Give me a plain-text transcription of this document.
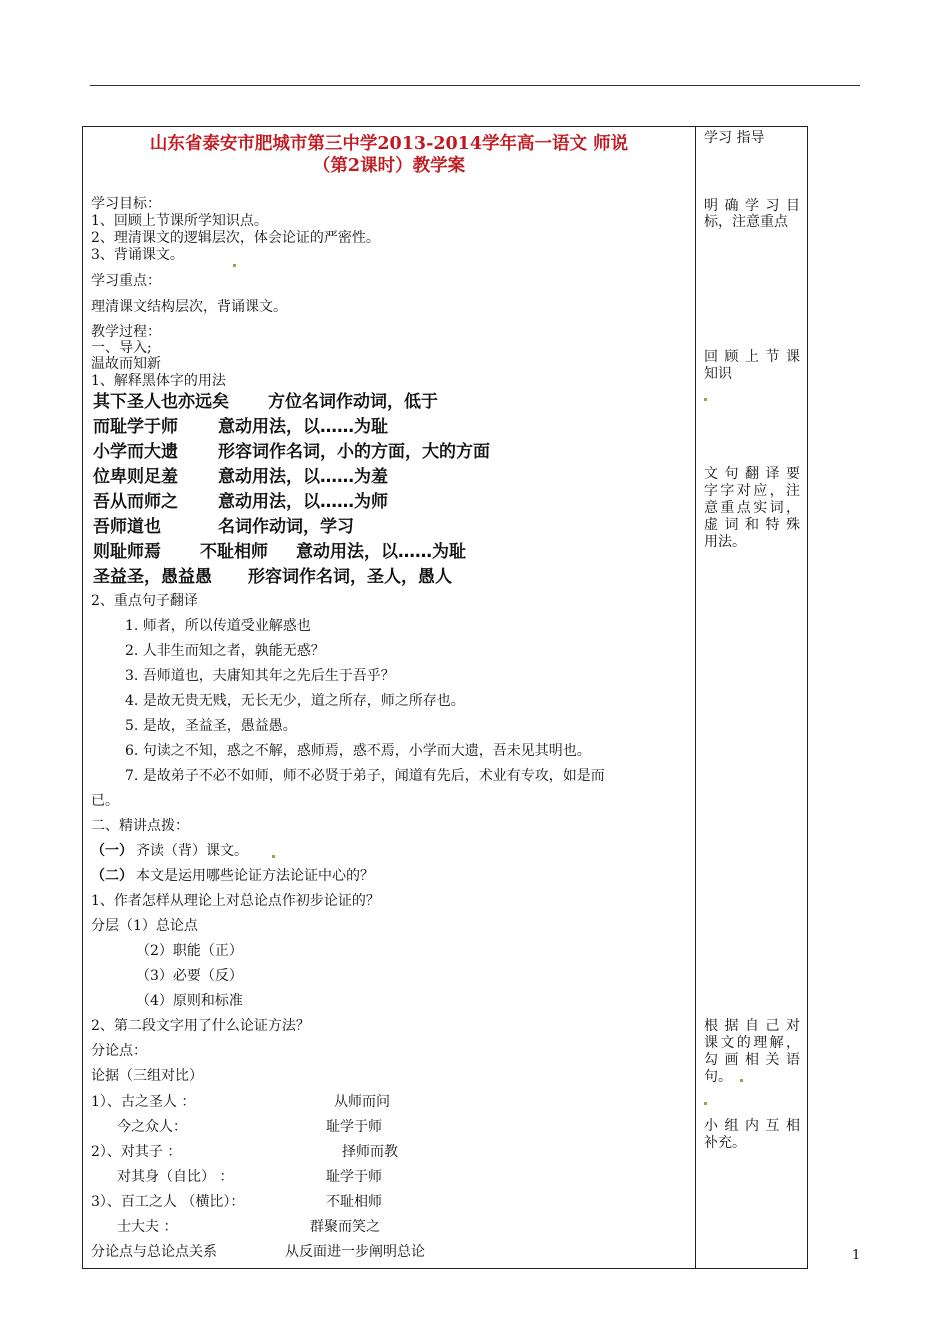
山东省泰安市肥城市第三中学2013-2014学年高一语文 师说
（第2课时）教学案
学习 指导
明确学习目
标，注意重点
回顾上节课
知识
文句翻译要
字字对应，注
意重点实词，
虚词和特殊
用法。
根据自己对
课文的理解，
勾画相关语
句。
小组内互相
补充。
学习目标：
1、回顾上节课所学知识点。
2、理清课文的逻辑层次，体会论证的严密性。
3、背诵课文。
学习重点：
理清课文结构层次，背诵课文。
教学过程：
一、导入;
温故而知新
1、解释黑体字的用法
其下圣人也亦远矣 方位名词作动词，低于
而耻学于师 意动用法，以……为耻
小学而大遗 形容词作名词，小的方面，大的方面
位卑则足羞 意动用法，以……为羞
吾从而师之 意动用法，以……为师
吾师道也	名词作动词，学习
则耻师焉 不耻相师 意动用法，以……为耻
圣益圣，愚益愚 形容词作名词，圣人，愚人
2、重点句子翻译
1. 师者，所以传道受业解惑也
2. 人非生而知之者，孰能无惑？
3. 吾师道也，夫庸知其年之先后生于吾乎？
4. 是故无贵无贱，无长无少，道之所存，师之所存也。
5. 是故，圣益圣，愚益愚。
6. 句读之不知，惑之不解，惑师焉，惑不焉，小学而大遗，吾未见其明也。
7. 是故弟子不必不如师，师不必贤于弟子，闻道有先后，术业有专攻，如是而
已。
二、精讲点拨：
（一） 齐读（背）课文。
（二） 本文是运用哪些论证方法论证中心的？
1、作者怎样从理论上对总论点作初步论证的？
分层（1）总论点
（2）职能（正）
（3）必要（反）
（4）原则和标准
2、第二段文字用了什么论证方法？
分论点：
论据（三组对比）
1）、古之圣人 ：	从师而问
今之众人：	耻学于师
2）、对其子 ：	择师而教
对其身（自比） ：	耻学于师
3）、百工之人 （横比）：	不耻相师
士大夫 ：	群聚而笑之
分论点与总论点关系	从反面进一步阐明总论	1
